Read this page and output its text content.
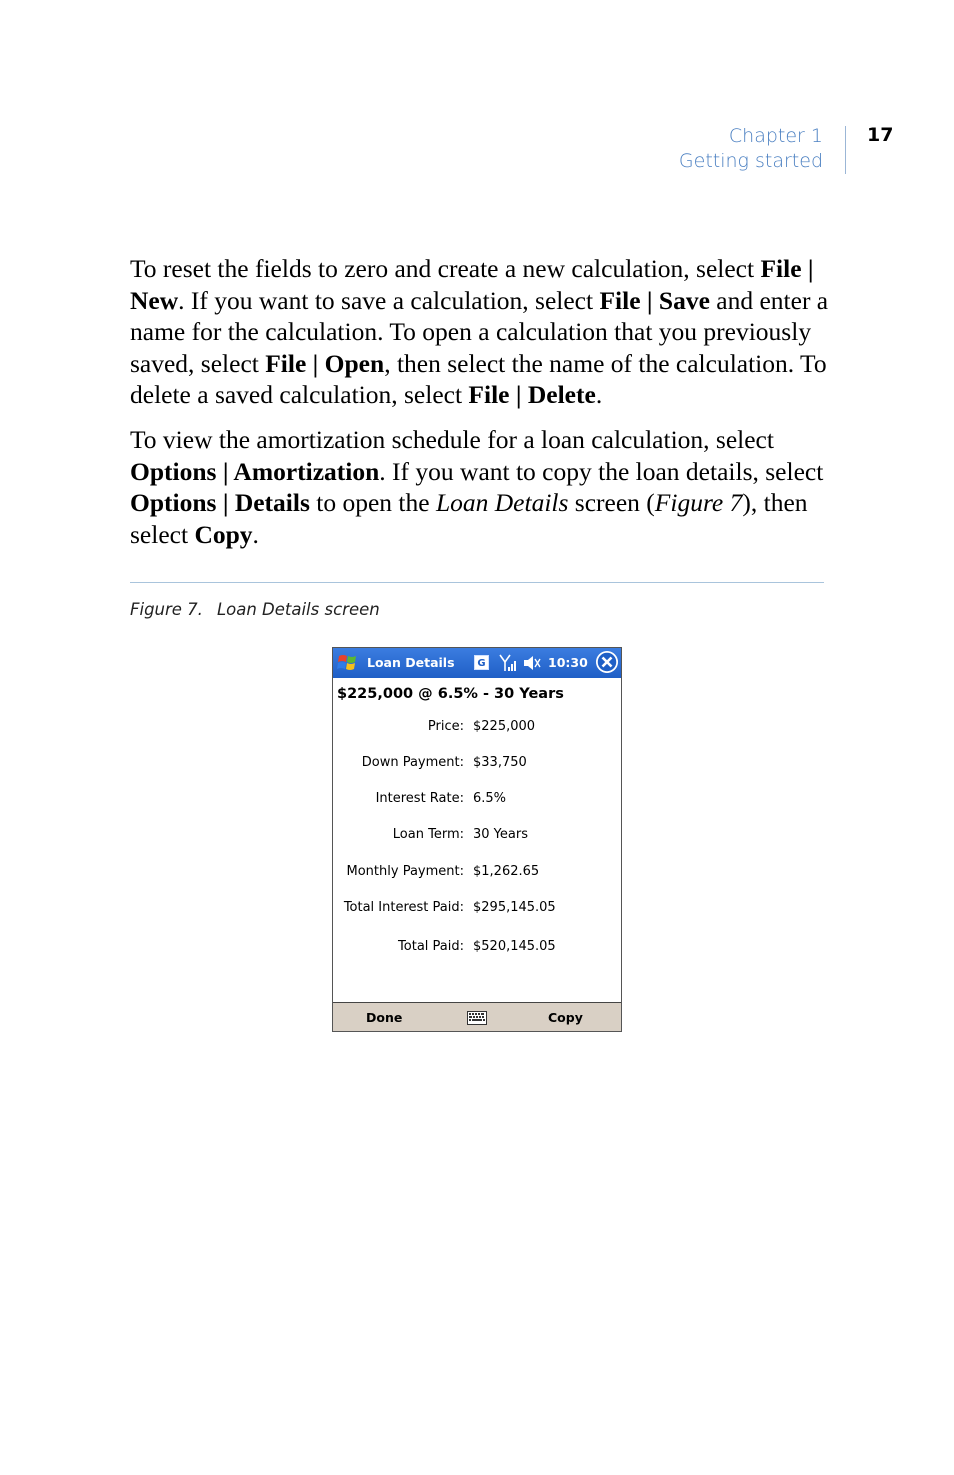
Chapter 1
Getting started
17

To reset the fields to zero and create a new calculation, select File | New. If you want to save a calculation, select File | Save and enter a name for the calculation. To open a calculation that you previously saved, select File | Open, then select the name of the calculation. To delete a saved calculation, select File | Delete.

To view the amortization schedule for a loan calculation, select Options | Amortization. If you want to copy the loan details, select Options | Details to open the Loan Details screen (Figure 7), then select Copy.

Figure 7. Loan Details screen
Loan Details	G	10:30
$225,000 @ 6.5% - 30 Years
Price: $225,000
Down Payment: $33,750
Interest Rate: 6.5%
Loan Term: 30 Years
Monthly Payment: $1,262.65
Total Interest Paid: $295,145.05
Total Paid: $520,145.05
Done	Copy
